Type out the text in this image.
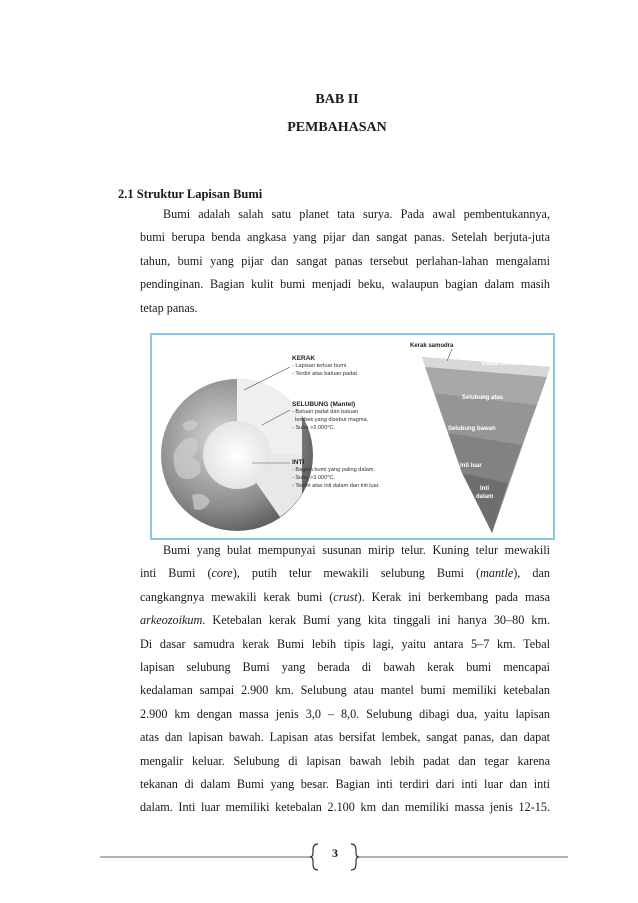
BAB II
PEMBAHASAN
2.1 Struktur Lapisan Bumi
Bumi adalah salah satu planet tata surya. Pada awal pembentukannya,
bumi berupa benda angkasa yang pijar dan sangat panas. Setelah berjuta-juta
tahun, bumi yang pijar dan sangat panas tersebut perlahan-lahan mengalami
pendinginan. Bagian kulit bumi menjadi beku, walaupun bagian dalam masih
tetap panas.
Kerak samudra
Kerak benua
Selubung atas
Selubung bawah
Inti luar
Inti
dalam
KERAK
- Lapisan terluar bumi.
- Terdiri atas batuan padat.
SELUBUNG (Mantel)
- Batuan padat dan batuan
lembek yang disebut magma.
- Suhu >2.000°C.
INTI
- Bagian bumi yang paling dalam.
- Suhu >3.000°C.
- Terdiri atas inti dalam dan inti luar.
Bumi yang bulat mempunyai susunan mirip telur. Kuning telur mewakili
inti Bumi (core), putih telur mewakili selubung Bumi (mantle), dan
cangkangnya mewakili kerak bumi (crust). Kerak ini berkembang pada masa
arkeozoikum. Ketebalan kerak Bumi yang kita tinggali ini hanya 30–80 km.
Di dasar samudra kerak Bumi lebih tipis lagi, yaitu antara 5–7 km. Tebal
lapisan selubung Bumi yang berada di bawah kerak bumi mencapai
kedalaman sampai 2.900 km. Selubung atau mantel bumi memiliki ketebalan
2.900 km dengan massa jenis 3,0 – 8,0. Selubung dibagi dua, yaitu lapisan
atas dan lapisan bawah. Lapisan atas bersifat lembek, sangat panas, dan dapat
mengalir keluar. Selubung di lapisan bawah lebih padat dan tegar karena
tekanan di dalam Bumi yang besar. Bagian inti terdiri dari inti luar dan inti
dalam. Inti luar memiliki ketebalan 2.100 km dan memiliki massa jenis 12-15.
3
